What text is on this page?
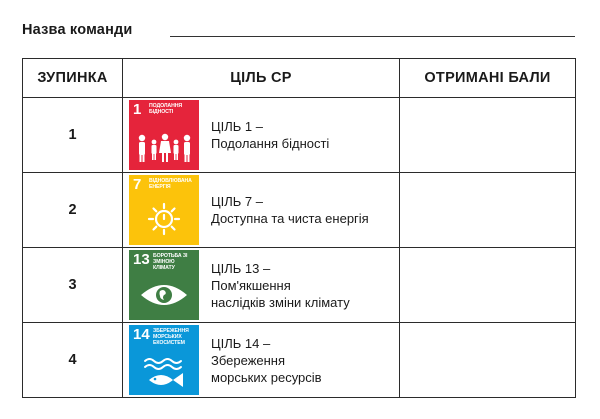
Назва команди
ЗУПИНКА	ЦІЛЬ СР	ОТРИМАНІ БАЛИ
1	1 ПОДОЛАННЯ БІДНОСТІ
ЦІЛЬ 1 –
Подолання бідності	

2	7 ВІДНОВЛЮВАНА ЕНЕРГІЯ
ЦІЛЬ 7 –
Доступна та чиста енергія	

3	13 БОРОТЬБА ЗІ ЗМІНОЮ КЛІМАТУ ЦІЛЬ 13 –
Пом'якшення
наслідків зміни клімату	

4	14 ЗБЕРЕЖЕННЯ МОРСЬКИХ ЕКОСИСТЕМ ЦІЛЬ 14 –
Збереження
морських ресурсів	
